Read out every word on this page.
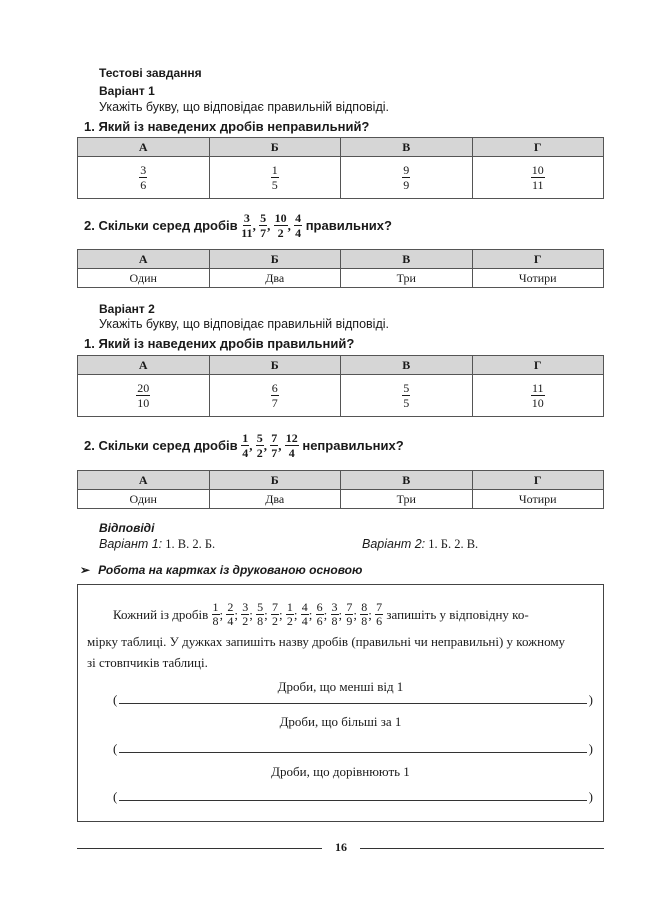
Тестові завдання
Варіант 1
Укажіть букву, що відповідає правильній відповіді.
1. Який із наведених дробів неправильний?
А	Б	В	Г

$\frac{3}{6}$	$\frac{1}{5}$	$\frac{9}{9}$	$\frac{10}{11}$
2. Скільки серед дробів
$\frac{3}{11}$ , $\frac{5}{7}$ , $\frac{10}{2}$ , $\frac{4}{4}$
правильних?
А	Б	В	Г
Один	Два	Три	Чотири
Варіант 2
Укажіть букву, що відповідає правильній відповіді.
1. Який із наведених дробів правильний?
А	Б	В	Г

$\frac{20}{10}$	$\frac{6}{7}$	$\frac{5}{5}$	$\frac{11}{10}$
2. Скільки серед дробів
$\frac{1}{4}$ , $\frac{5}{2}$ , $\frac{7}{7}$ , $\frac{12}{4}$
неправильних?
А	Б	В	Г
Один	Два	Три	Чотири
Відповіді
Варіант 1: 1. В. 2. Б.	Варіант 2: 1. Б. 2. В.
➢ Робота на картках із друкованою основою
Кожний із дробів
$\frac{1}{8}$ ; $\frac{2}{4}$ ; $\frac{3}{2}$ ; $\frac{5}{8}$ ; $\frac{7}{2}$ ; $\frac{1}{2}$ ; $\frac{4}{4}$ ; $\frac{6}{6}$ ; $\frac{3}{8}$ ; $\frac{7}{9}$ ; $\frac{8}{8}$ ; $\frac{7}{6}$
запишіть у відповідну ко-
мірку таблиці. У дужках запишіть назву дробів (правильні чи неправильні) у кожному
зі стовпчиків таблиці.
Дроби, що менші від 1
(	)
Дроби, що більші за 1
(	)
Дроби, що дорівнюють 1
(	)
16
